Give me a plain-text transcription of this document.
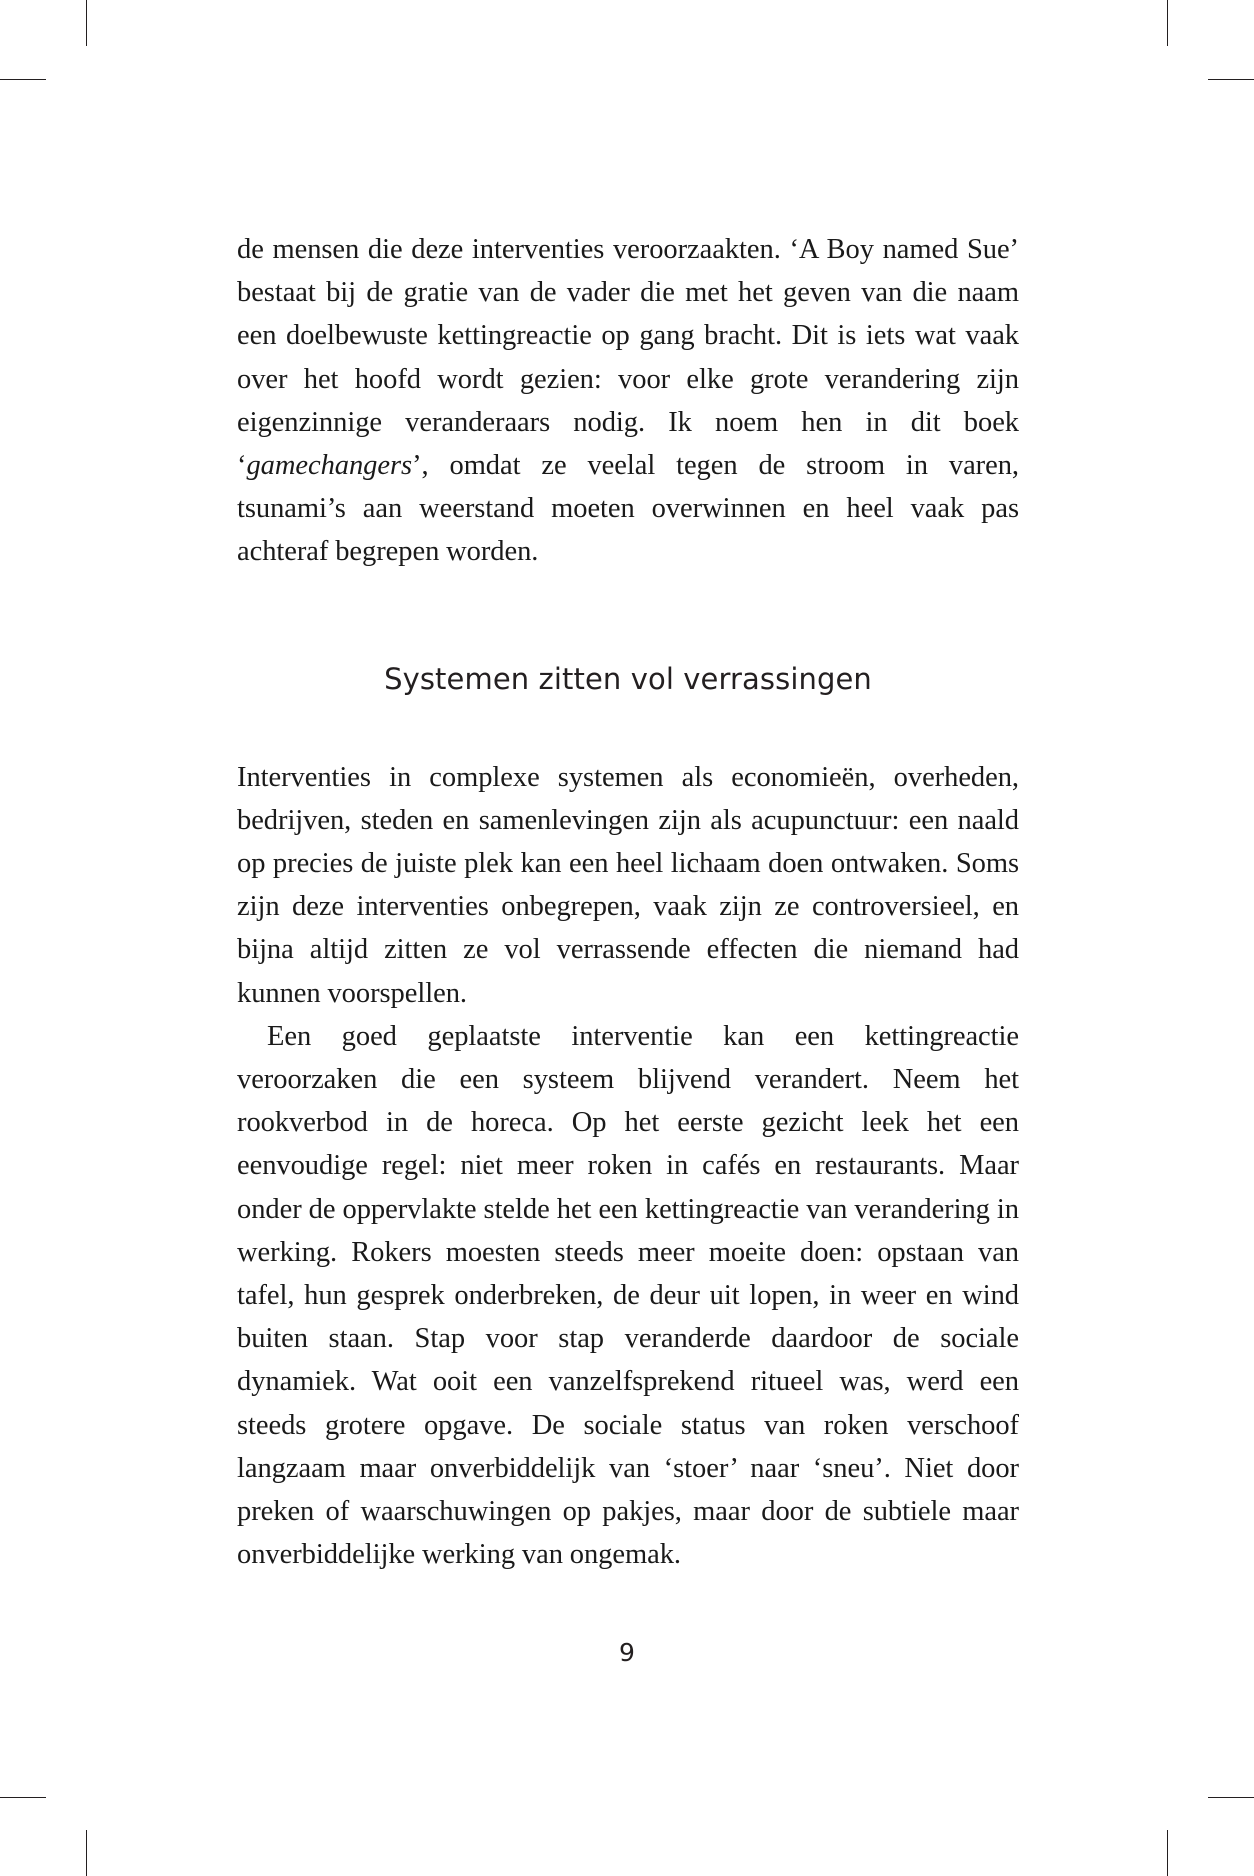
de mensen die deze interventies veroorzaakten. ‘A Boy named Sue’ bestaat bij de gratie van de vader die met het geven van die naam een doelbewuste kettingreactie op gang bracht. Dit is iets wat vaak over het hoofd wordt gezien: voor elke grote verandering zijn eigenzinnige veranderaars nodig. Ik noem hen in dit boek ‘gamechangers’, omdat ze veelal tegen de stroom in varen, tsunami’s aan weerstand moeten overwinnen en heel vaak pas achteraf begrepen worden.

Systemen zitten vol verrassingen

Interventies in complexe systemen als economieën, overheden, bedrijven, steden en samenlevingen zijn als acupunctuur: een naald op precies de juiste plek kan een heel lichaam doen ontwaken. Soms zijn deze interventies onbegrepen, vaak zijn ze controversieel, en bijna altijd zitten ze vol verrassende effecten die niemand had kunnen voorspellen.

Een goed geplaatste interventie kan een kettingreactie veroorzaken die een systeem blijvend verandert. Neem het rookverbod in de horeca. Op het eerste gezicht leek het een eenvoudige regel: niet meer roken in cafés en restaurants. Maar onder de oppervlakte stelde het een kettingreactie van verandering in werking. Rokers moesten steeds meer moeite doen: opstaan van tafel, hun gesprek onderbreken, de deur uit lopen, in weer en wind buiten staan. Stap voor stap veranderde daardoor de sociale dynamiek. Wat ooit een vanzelfsprekend ritueel was, werd een steeds grotere opgave. De sociale status van roken verschoof langzaam maar onverbiddelijk van ‘stoer’ naar ‘sneu’. Niet door preken of waarschuwingen op pakjes, maar door de subtiele maar onverbiddelijke werking van ongemak.

9
